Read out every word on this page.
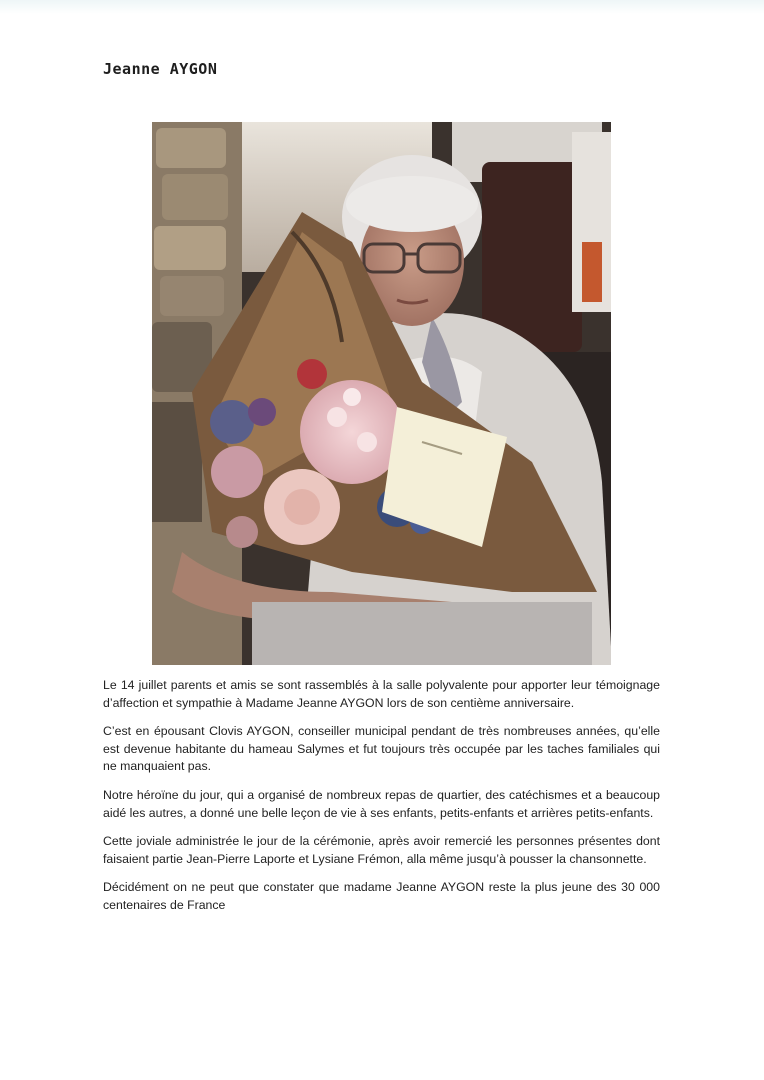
Jeanne AYGON

Le 14 juillet parents et amis se sont rassemblés à la salle polyvalente pour apporter leur témoignage d’affection et sympathie à Madame Jeanne AYGON lors de son centième anniversaire.

C’est en épousant Clovis AYGON, conseiller municipal pendant de très nombreuses années, qu’elle est devenue habitante du hameau Salymes et fut toujours très occupée par les taches familiales qui ne manquaient pas.

Notre héroïne du jour, qui a organisé de nombreux repas de quartier, des catéchismes et a beaucoup aidé les autres, a donné une belle leçon de vie à ses enfants, petits-enfants et arrières petits-enfants.

Cette joviale administrée le jour de la cérémonie, après avoir remercié les personnes présentes dont faisaient partie Jean-Pierre Laporte et Lysiane Frémon, alla même jusqu’à pousser la chansonnette.

Décidément on ne peut que constater que madame Jeanne AYGON reste la plus jeune des 30 000 centenaires de France
